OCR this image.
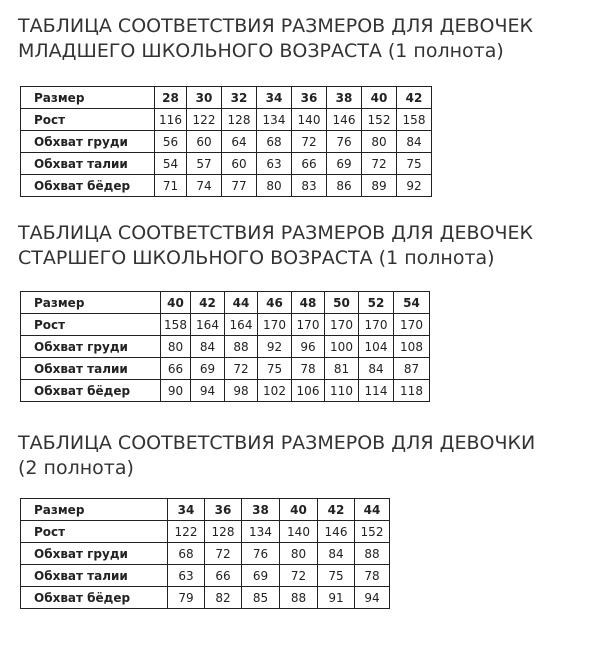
ТАБЛИЦА СООТВЕТСТВИЯ РАЗМЕРОВ ДЛЯ ДЕВОЧЕК
МЛАДШЕГО ШКОЛЬНОГО ВОЗРАСТА (1 полнота)
Размер	28	30	32	34	36	38	40	42
Рост	116	122	128	134	140	146	152	158
Обхват груди	56	60	64	68	72	76	80	84
Обхват талии	54	57	60	63	66	69	72	75
Обхват бёдер	71	74	77	80	83	86	89	92
ТАБЛИЦА СООТВЕТСТВИЯ РАЗМЕРОВ ДЛЯ ДЕВОЧЕК
СТАРШЕГО ШКОЛЬНОГО ВОЗРАСТА (1 полнота)
Размер	40	42	44	46	48	50	52	54
Рост	158	164	164	170	170	170	170	170
Обхват груди	80	84	88	92	96	100	104	108
Обхват талии	66	69	72	75	78	81	84	87
Обхват бёдер	90	94	98	102	106	110	114	118
ТАБЛИЦА СООТВЕТСТВИЯ РАЗМЕРОВ ДЛЯ ДЕВОЧКИ
(2 полнота)
Размер	34	36	38	40	42	44
Рост	122	128	134	140	146	152
Обхват груди	68	72	76	80	84	88
Обхват талии	63	66	69	72	75	78
Обхват бёдер	79	82	85	88	91	94
